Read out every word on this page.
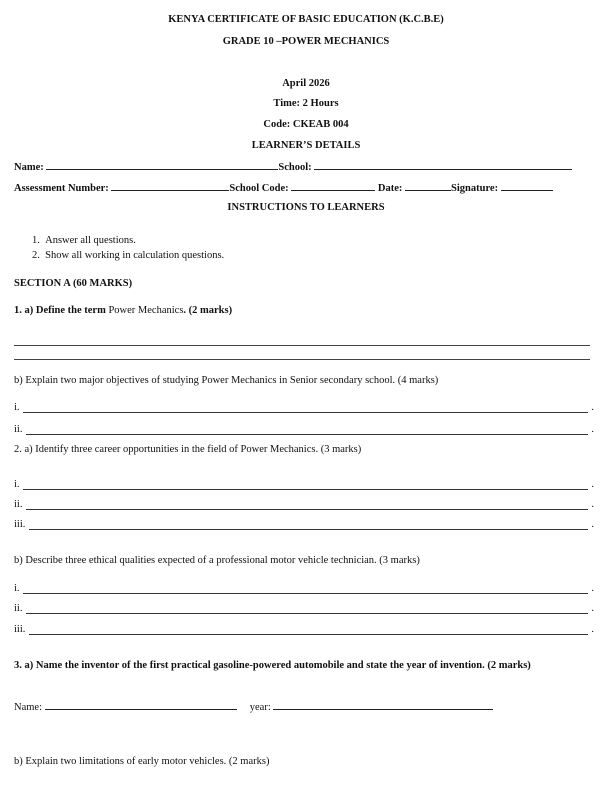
KENYA CERTIFICATE OF BASIC EDUCATION (K.C.B.E)
GRADE 10 –POWER MECHANICS
April 2026
Time: 2 Hours
Code: CKEAB 004
LEARNER’S DETAILS
Name:	School:
Assessment Number:	School Code:	Date:	Signature:
INSTRUCTIONS TO LEARNERS
1. Answer all questions.
2. Show all working in calculation questions.
SECTION A (60 MARKS)
1. a) Define the term Power Mechanics. (2 marks)
b) Explain two major objectives of studying Power Mechanics in Senior secondary school. (4 marks)
i.	.
ii.	.
2. a) Identify three career opportunities in the field of Power Mechanics. (3 marks)
i.	.
ii.	.
iii.	.
b) Describe three ethical qualities expected of a professional motor vehicle technician. (3 marks)
i.	.
ii.	.
iii.	.
3. a) Name the inventor of the first practical gasoline-powered automobile and state the year of invention. (2 marks)
Name:	year:
b) Explain two limitations of early motor vehicles. (2 marks)
